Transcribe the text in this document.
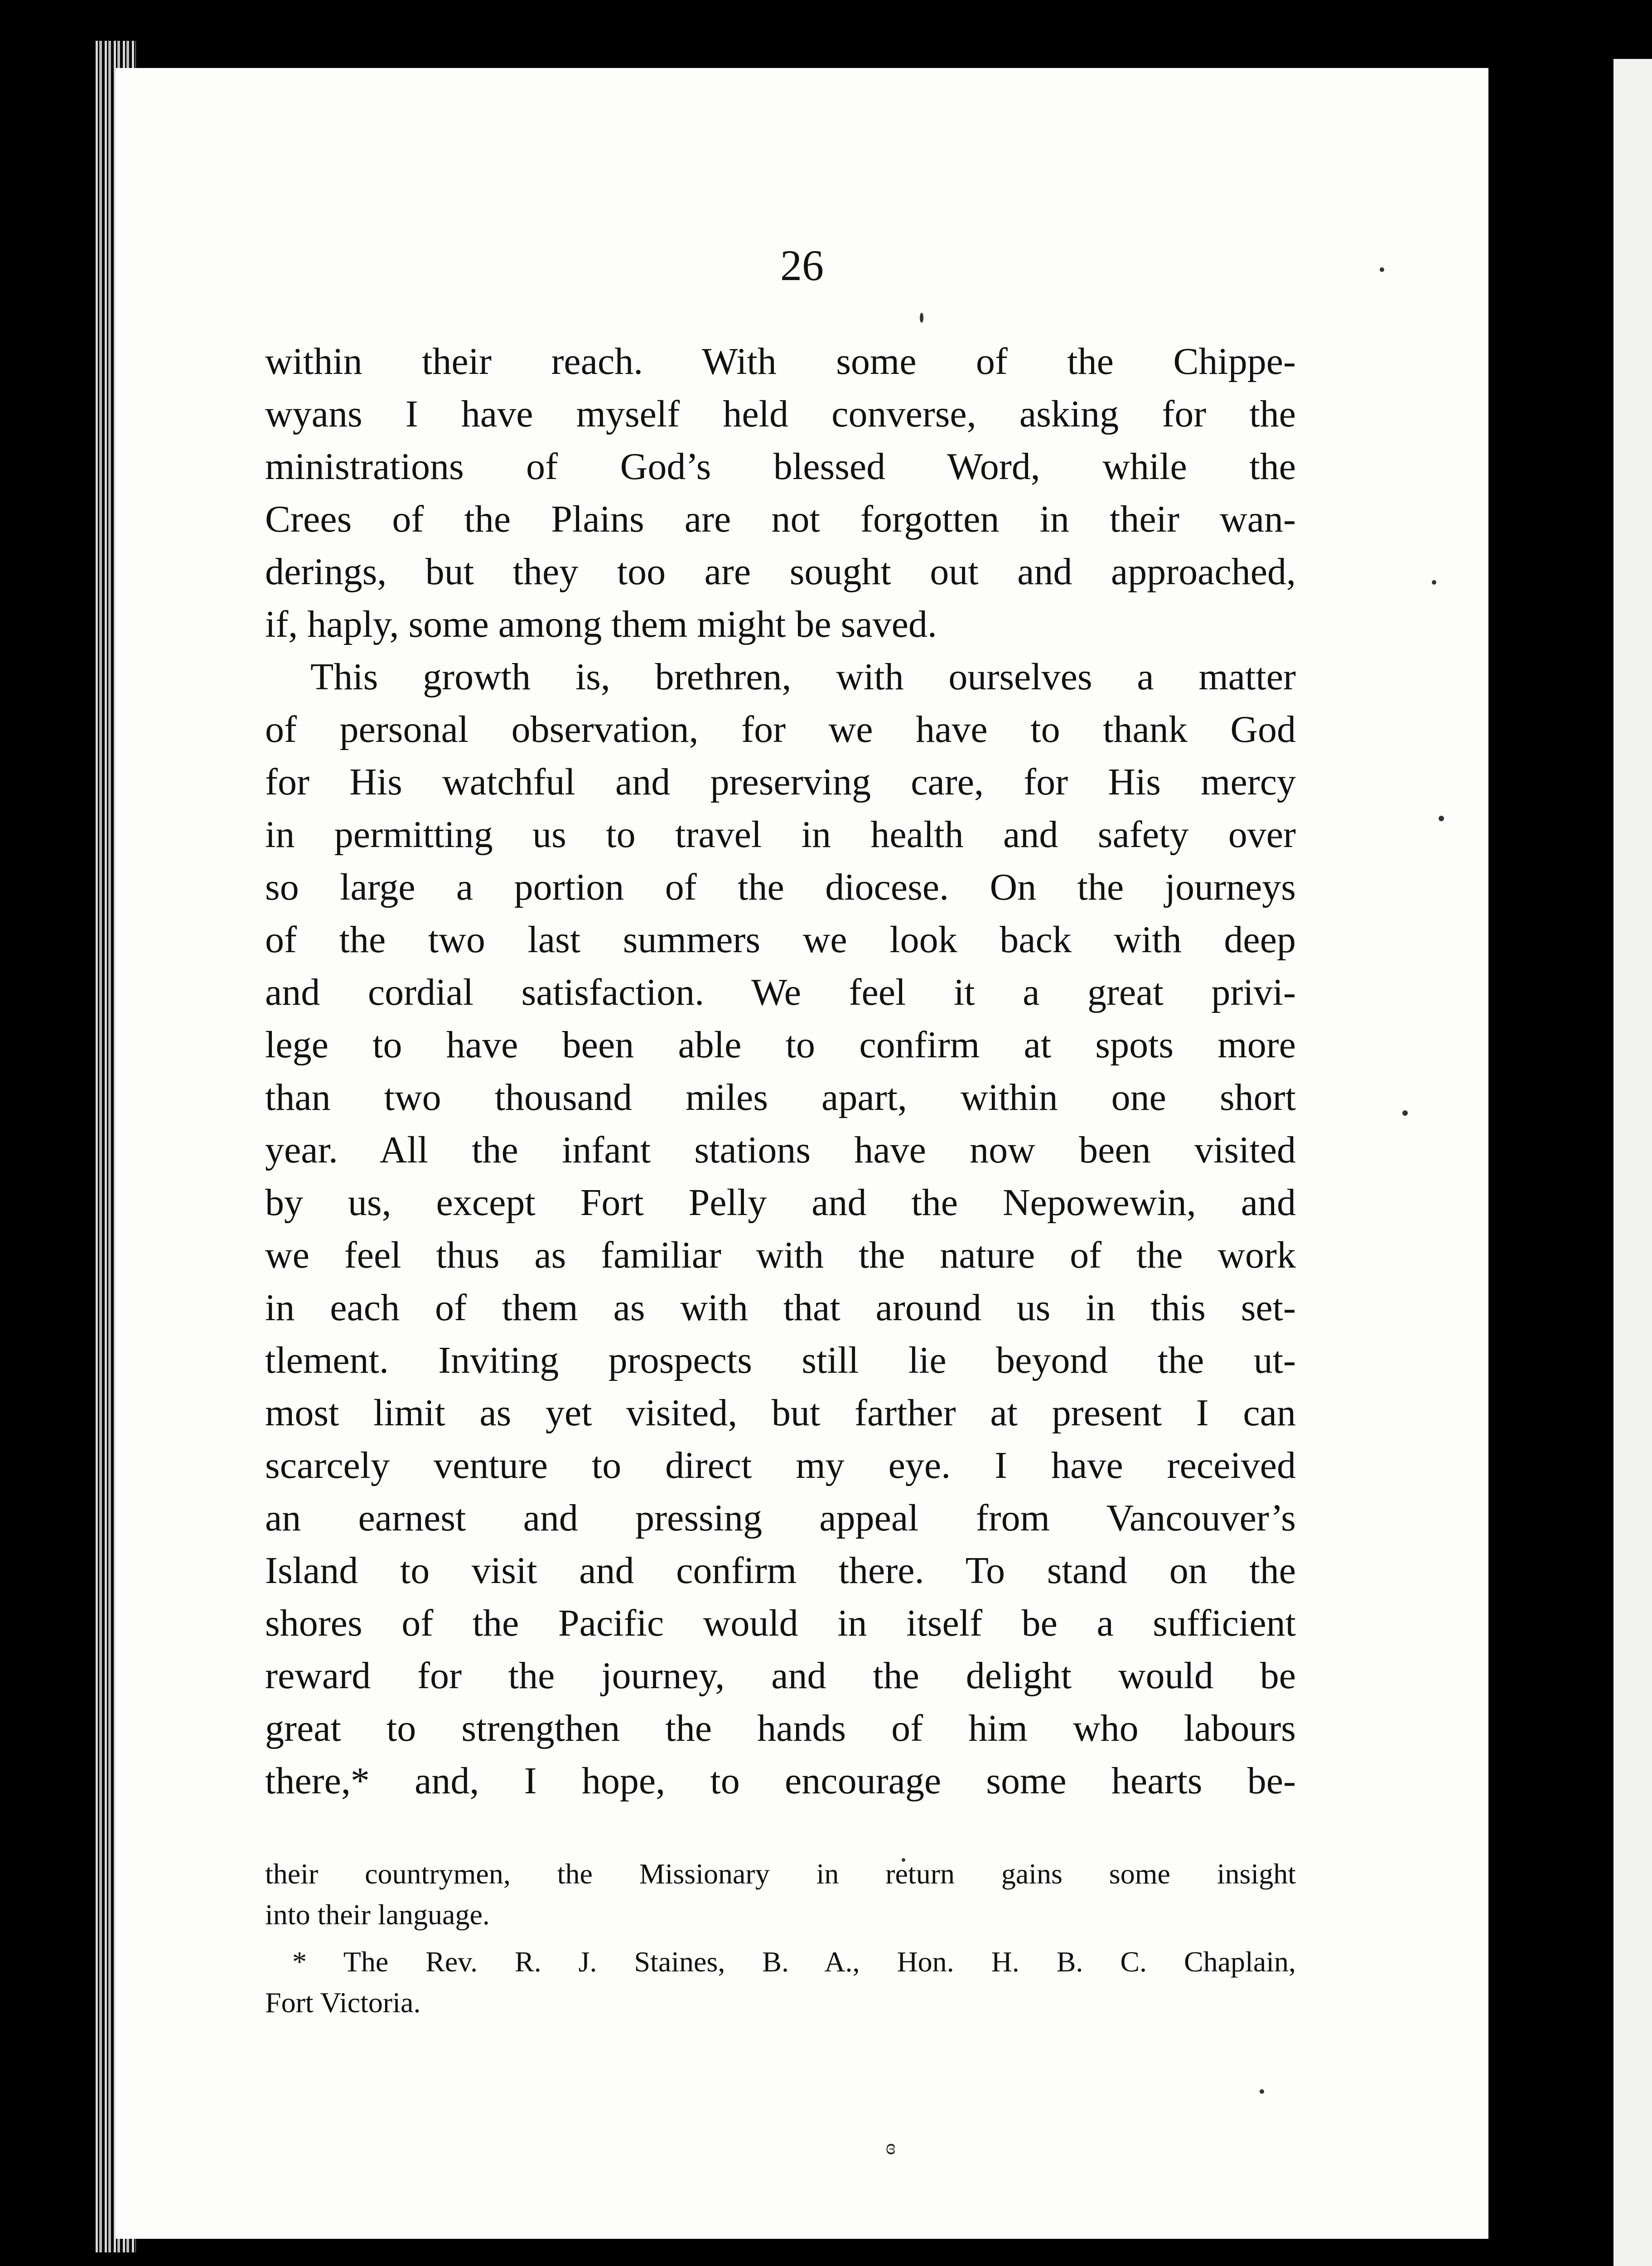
26
within their reach. With some of the Chippe-
wyans I have myself held converse, asking for the
ministrations of God’s blessed Word, while the
Crees of the Plains are not forgotten in their wan-
derings, but they too are sought out and approached,
if, haply, some among them might be saved.
This growth is, brethren, with ourselves a matter
of personal observation, for we have to thank God
for His watchful and preserving care, for His mercy
in permitting us to travel in health and safety over
so large a portion of the diocese. On the journeys
of the two last summers we look back with deep
and cordial satisfaction. We feel it a great privi-
lege to have been able to confirm at spots more
than two thousand miles apart, within one short
year. All the infant stations have now been visited
by us, except Fort Pelly and the Nepowewin, and
we feel thus as familiar with the nature of the work
in each of them as with that around us in this set-
tlement. Inviting prospects still lie beyond the ut-
most limit as yet visited, but farther at present I can
scarcely venture to direct my eye. I have received
an earnest and pressing appeal from Vancouver’s
Island to visit and confirm there. To stand on the
shores of the Pacific would in itself be a sufficient
reward for the journey, and the delight would be
great to strengthen the hands of him who labours
there,* and, I hope, to encourage some hearts be-
their countrymen, the Missionary in return gains some insight
into their language.
* The Rev. R. J. Staines, B. A., Hon. H. B. C. Chaplain,
Fort Victoria.
ɞ
